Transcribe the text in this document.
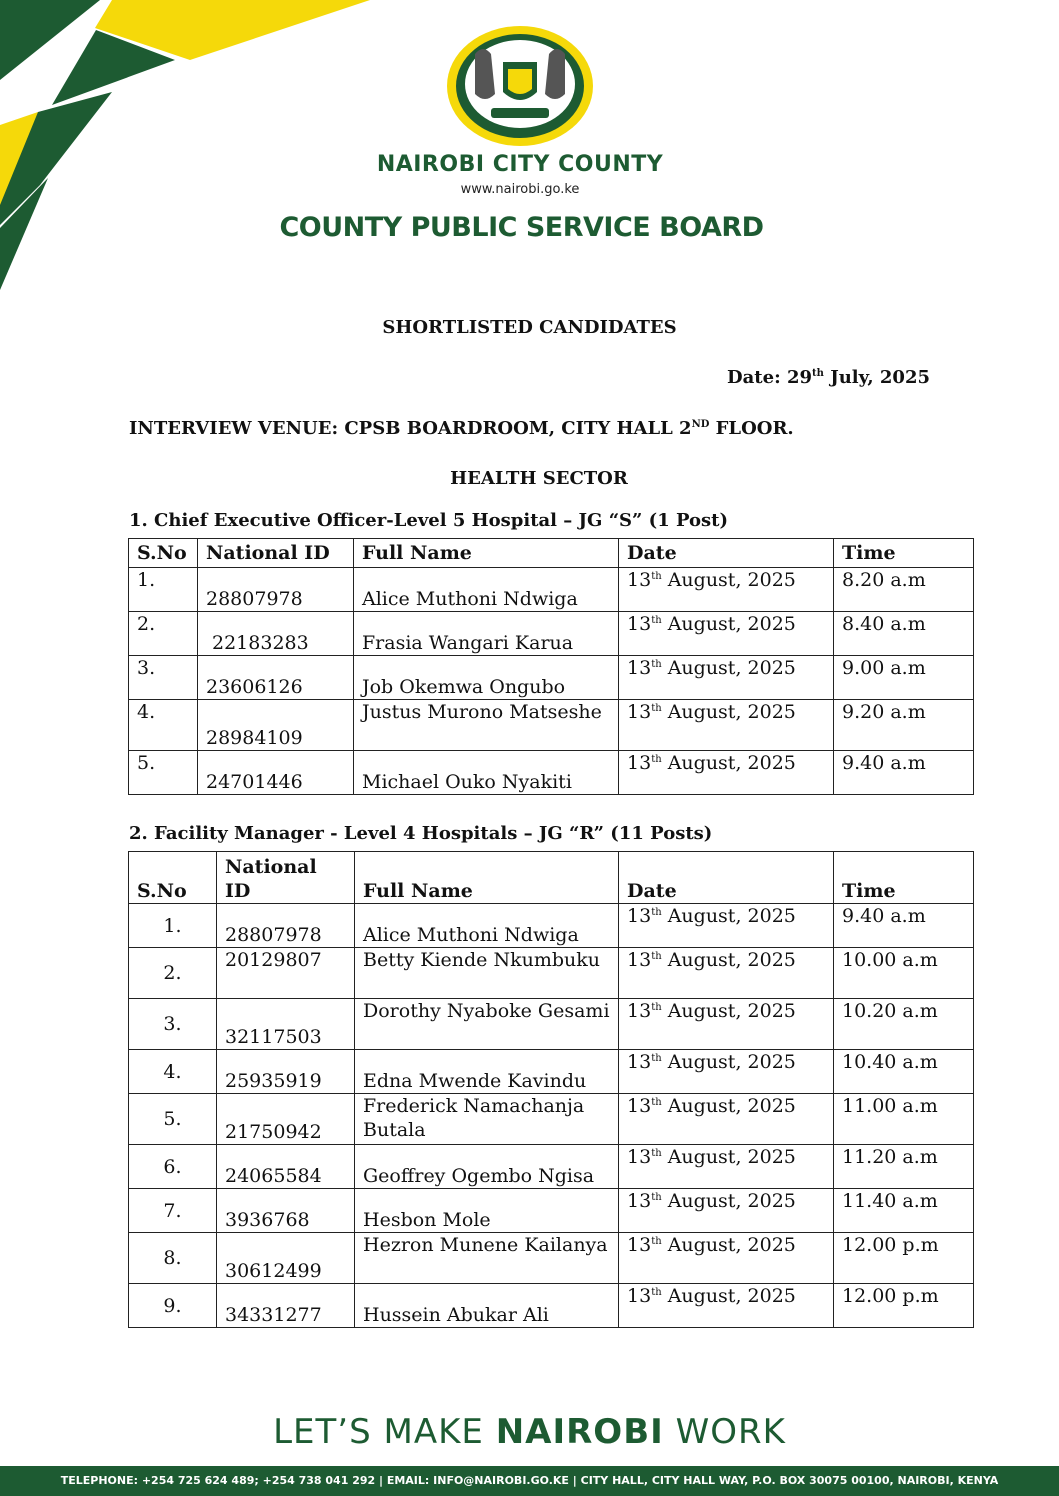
NAIROBI CITY COUNTY
www.nairobi.go.ke
COUNTY PUBLIC SERVICE BOARD
SHORTLISTED CANDIDATES
Date: 29th July, 2025
INTERVIEW VENUE: CPSB BOARDROOM, CITY HALL 2ND FLOOR.
HEALTH SECTOR
1. Chief Executive Officer-Level 5 Hospital – JG “S” (1 Post)
S.No	National ID	Full Name	Date	Time
1.	28807978	Alice Muthoni Ndwiga	13th August, 2025	8.20 a.m
2.	22183283	Frasia Wangari Karua	13th August, 2025	8.40 a.m
3.	23606126	Job Okemwa Ongubo	13th August, 2025	9.00 a.m
4.	28984109	Justus Murono Matseshe	13th August, 2025	9.20 a.m
5.	24701446	Michael Ouko Nyakiti	13th August, 2025	9.40 a.m
2. Facility Manager - Level 4 Hospitals – JG “R” (11 Posts)
S.No	National ID	Full Name	Date	Time
1.	28807978	Alice Muthoni Ndwiga	13th August, 2025	9.40 a.m
2.	20129807	Betty Kiende Nkumbuku	13th August, 2025	10.00 a.m
3.	32117503	Dorothy Nyaboke Gesami	13th August, 2025	10.20 a.m
4.	25935919	Edna Mwende Kavindu	13th August, 2025	10.40 a.m
5.	21750942	Frederick Namachanja Butala	13th August, 2025	11.00 a.m
6.	24065584	Geoffrey Ogembo Ngisa	13th August, 2025	11.20 a.m
7.	3936768	Hesbon Mole	13th August, 2025	11.40 a.m
8.	30612499	Hezron Munene Kailanya	13th August, 2025	12.00 p.m
9.	34331277	Hussein Abukar Ali	13th August, 2025	12.00 p.m
LET’S MAKE NAIROBI WORK
TELEPHONE: +254 725 624 489; +254 738 041 292 | EMAIL: INFO@NAIROBI.GO.KE | CITY HALL, CITY HALL WAY, P.O. BOX 30075 00100, NAIROBI, KENYA
